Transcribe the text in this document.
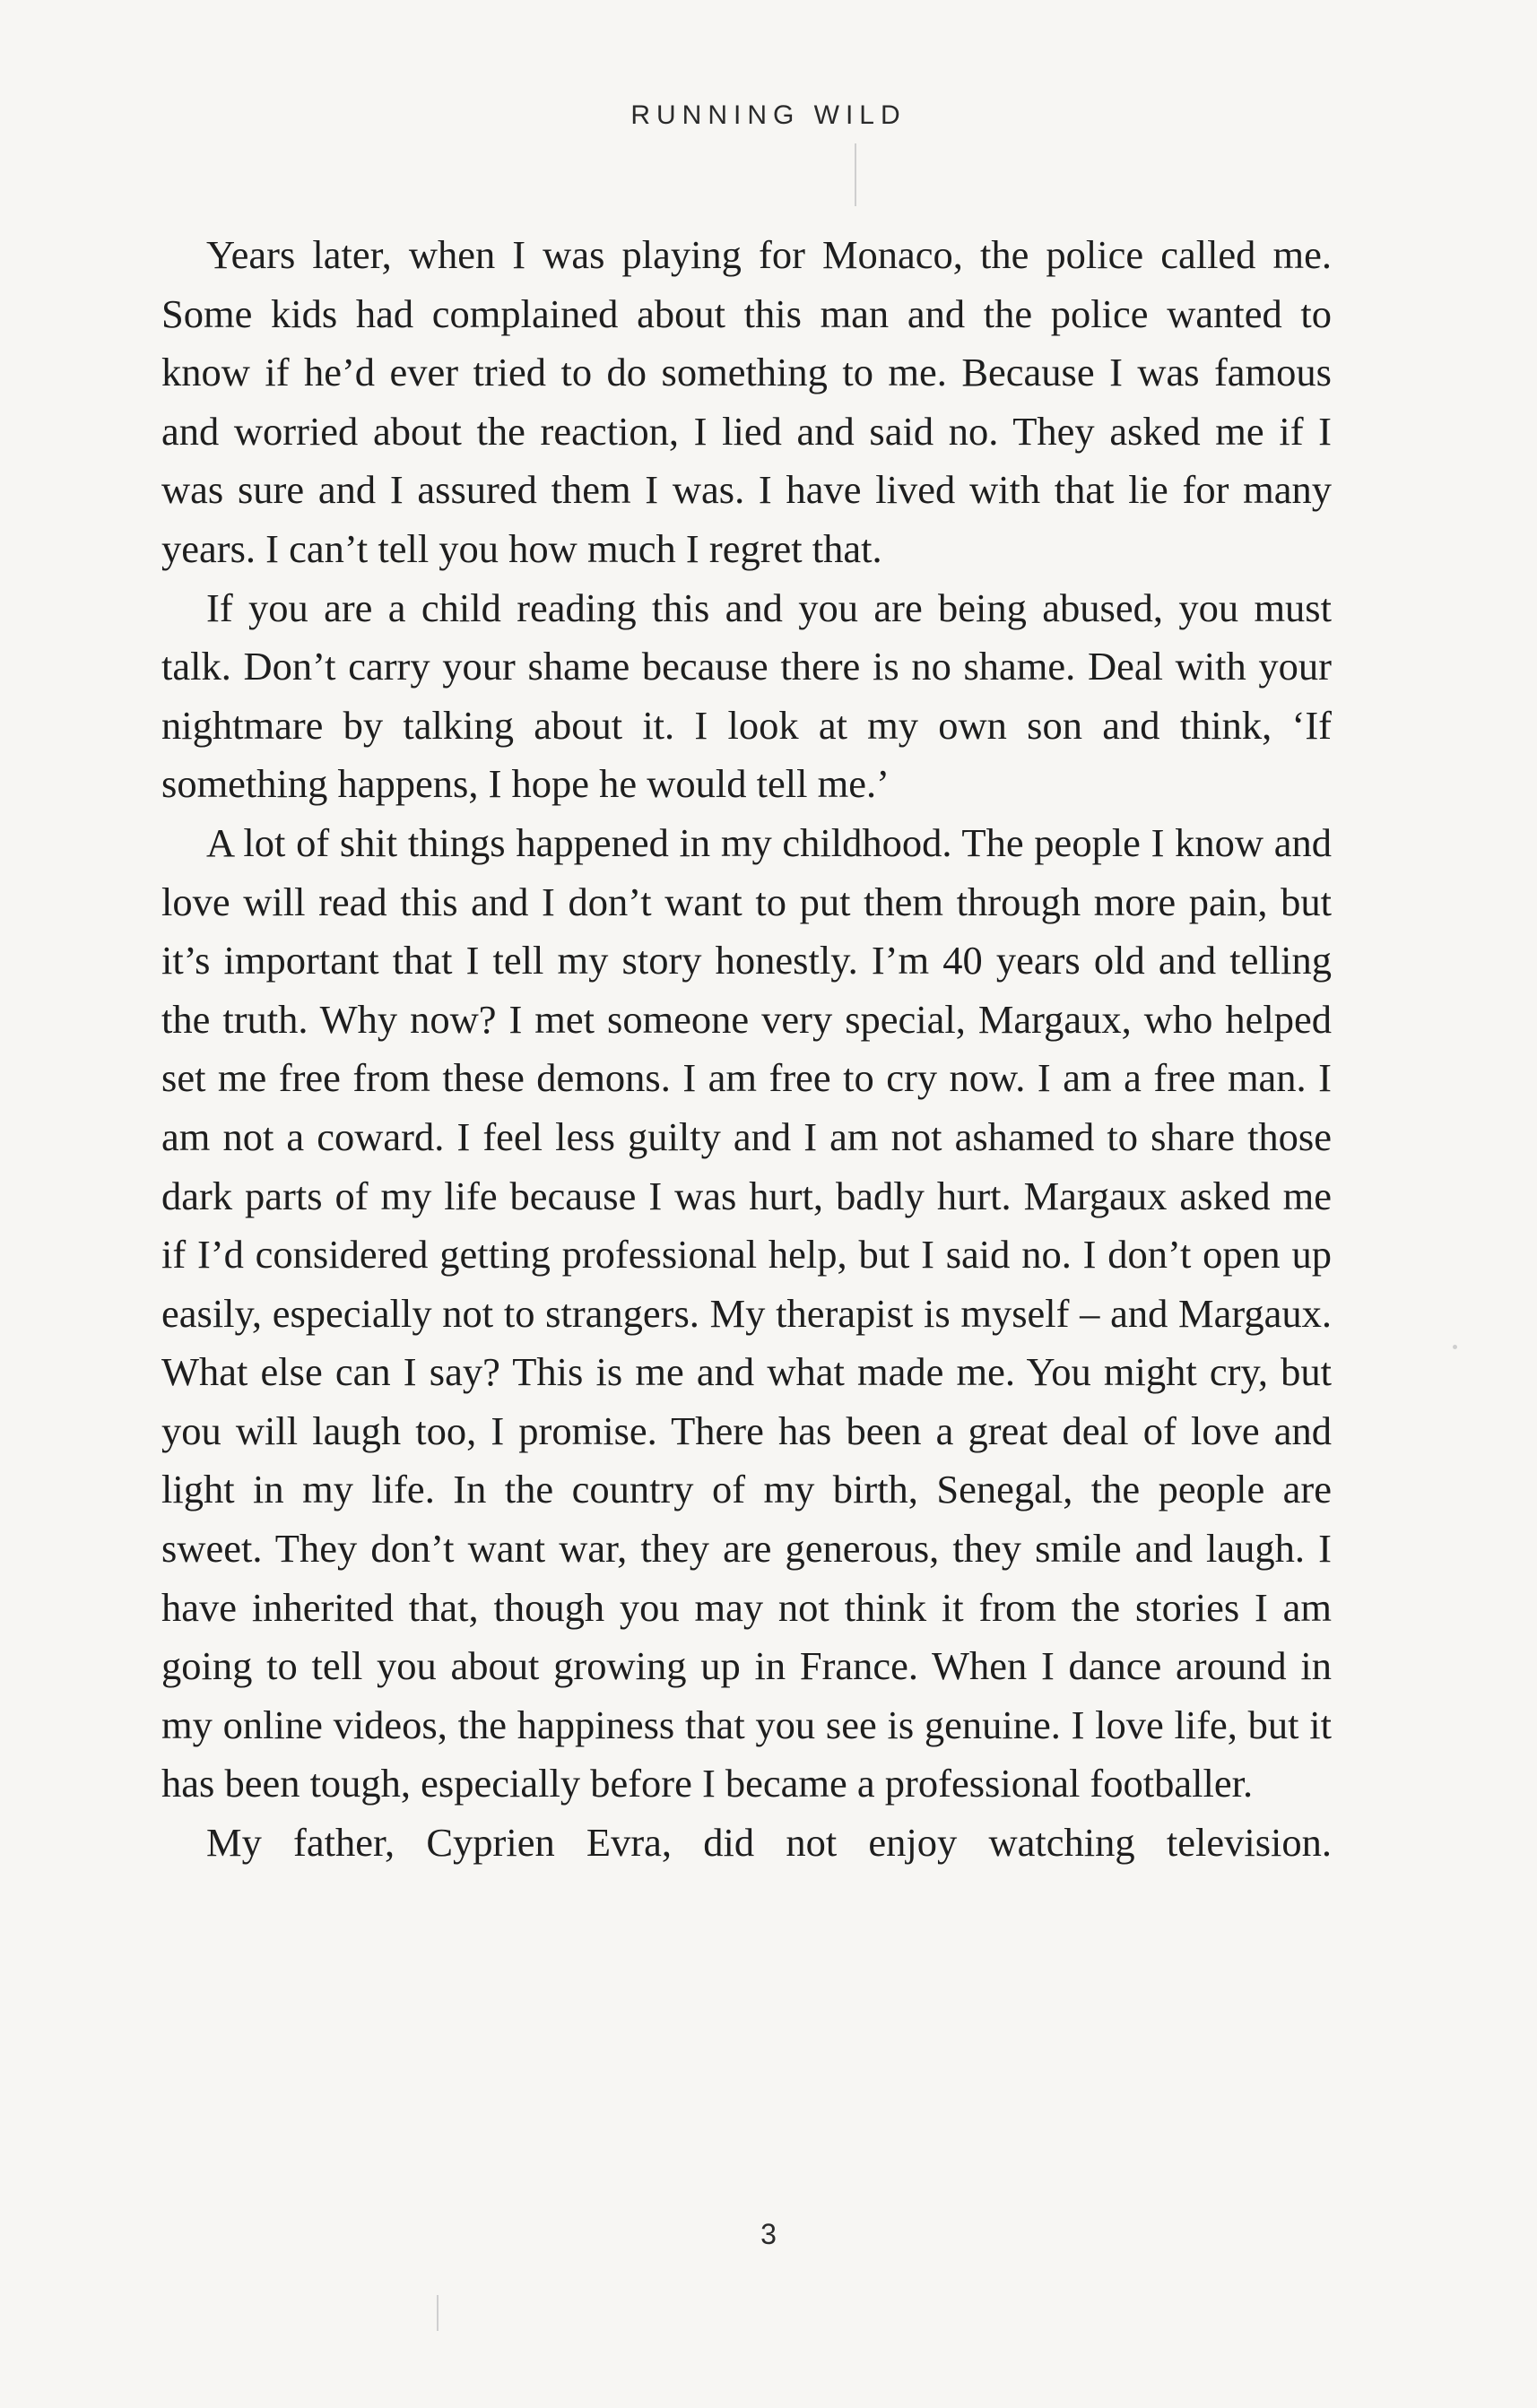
RUNNING WILD

Years later, when I was playing for Monaco, the police called me. Some kids had complained about this man and the police wanted to know if he’d ever tried to do something to me. Because I was famous and worried about the reaction, I lied and said no. They asked me if I was sure and I assured them I was. I have lived with that lie for many years. I can’t tell you how much I regret that.

If you are a child reading this and you are being abused, you must talk. Don’t carry your shame because there is no shame. Deal with your nightmare by talking about it. I look at my own son and think, ‘If something happens, I hope he would tell me.’

A lot of shit things happened in my childhood. The people I know and love will read this and I don’t want to put them through more pain, but it’s important that I tell my story honestly. I’m 40 years old and telling the truth. Why now? I met someone very special, Margaux, who helped set me free from these demons. I am free to cry now. I am a free man. I am not a coward. I feel less guilty and I am not ashamed to share those dark parts of my life because I was hurt, badly hurt. Margaux asked me if I’d considered getting professional help, but I said no. I don’t open up easily, especially not to strangers. My therapist is myself – and Margaux. What else can I say? This is me and what made me. You might cry, but you will laugh too, I promise. There has been a great deal of love and light in my life. In the country of my birth, Senegal, the people are sweet. They don’t want war, they are generous, they smile and laugh. I have inherited that, though you may not think it from the stories I am going to tell you about growing up in France. When I dance around in my online videos, the happiness that you see is genuine. I love life, but it has been tough, especially before I became a professional footballer.

My father, Cyprien Evra, did not enjoy watching television.

3
